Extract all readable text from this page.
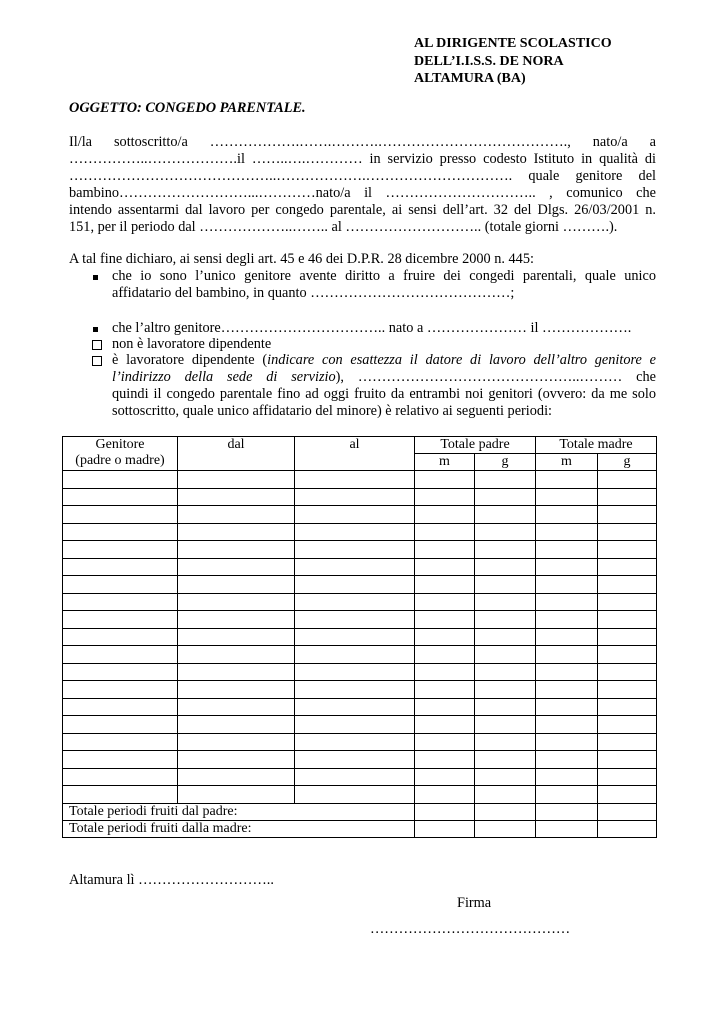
AL DIRIGENTE SCOLASTICO
DELL’I.I.S.S. DE NORA
ALTAMURA (BA)
OGGETTO: CONGEDO PARENTALE.
Il/la sottoscritto/a ……………….…….……….…………………………………., nato/a a
……………..……………….il ……..….………… in servizio presso codesto Istituto in qualità di
……………………………………..……………….…………………………. quale genitore del
bambino………………………...…………nato/a il ………………………….. , comunico che
intendo assentarmi dal lavoro per congedo parentale, ai sensi dell’art. 32 del Dlgs. 26/03/2001 n.
151, per il periodo dal ………………..…….. al ……………………….. (totale giorni ……….).
A tal fine dichiaro, ai sensi degli art. 45 e 46 dei D.P.R. 28 dicembre 2000 n. 445:
che io sono l’unico genitore avente diritto a fruire dei congedi parentali, quale unico
affidatario del bambino, in quanto ……………………………………;
che l’altro genitore…………………………….. nato a ………………… il ……………….
non è lavoratore dipendente
è lavoratore dipendente (indicare con esattezza il datore di lavoro dell’altro genitore e
l’indirizzo della sede di servizio), ………………………………………..……… che
quindi il congedo parentale fino ad oggi fruito da entrambi noi genitori (ovvero: da me solo
sottoscritto, quale unico affidatario del minore) è relativo ai seguenti periodi:
Genitore
(padre o madre)	dal	al	Totale padre		Totale madre	
			m	g	m	g

Totale periodi fruiti dal padre:						
Totale periodi fruiti dalla madre:						
Altamura lì ………………………..
Firma
……………………………………
